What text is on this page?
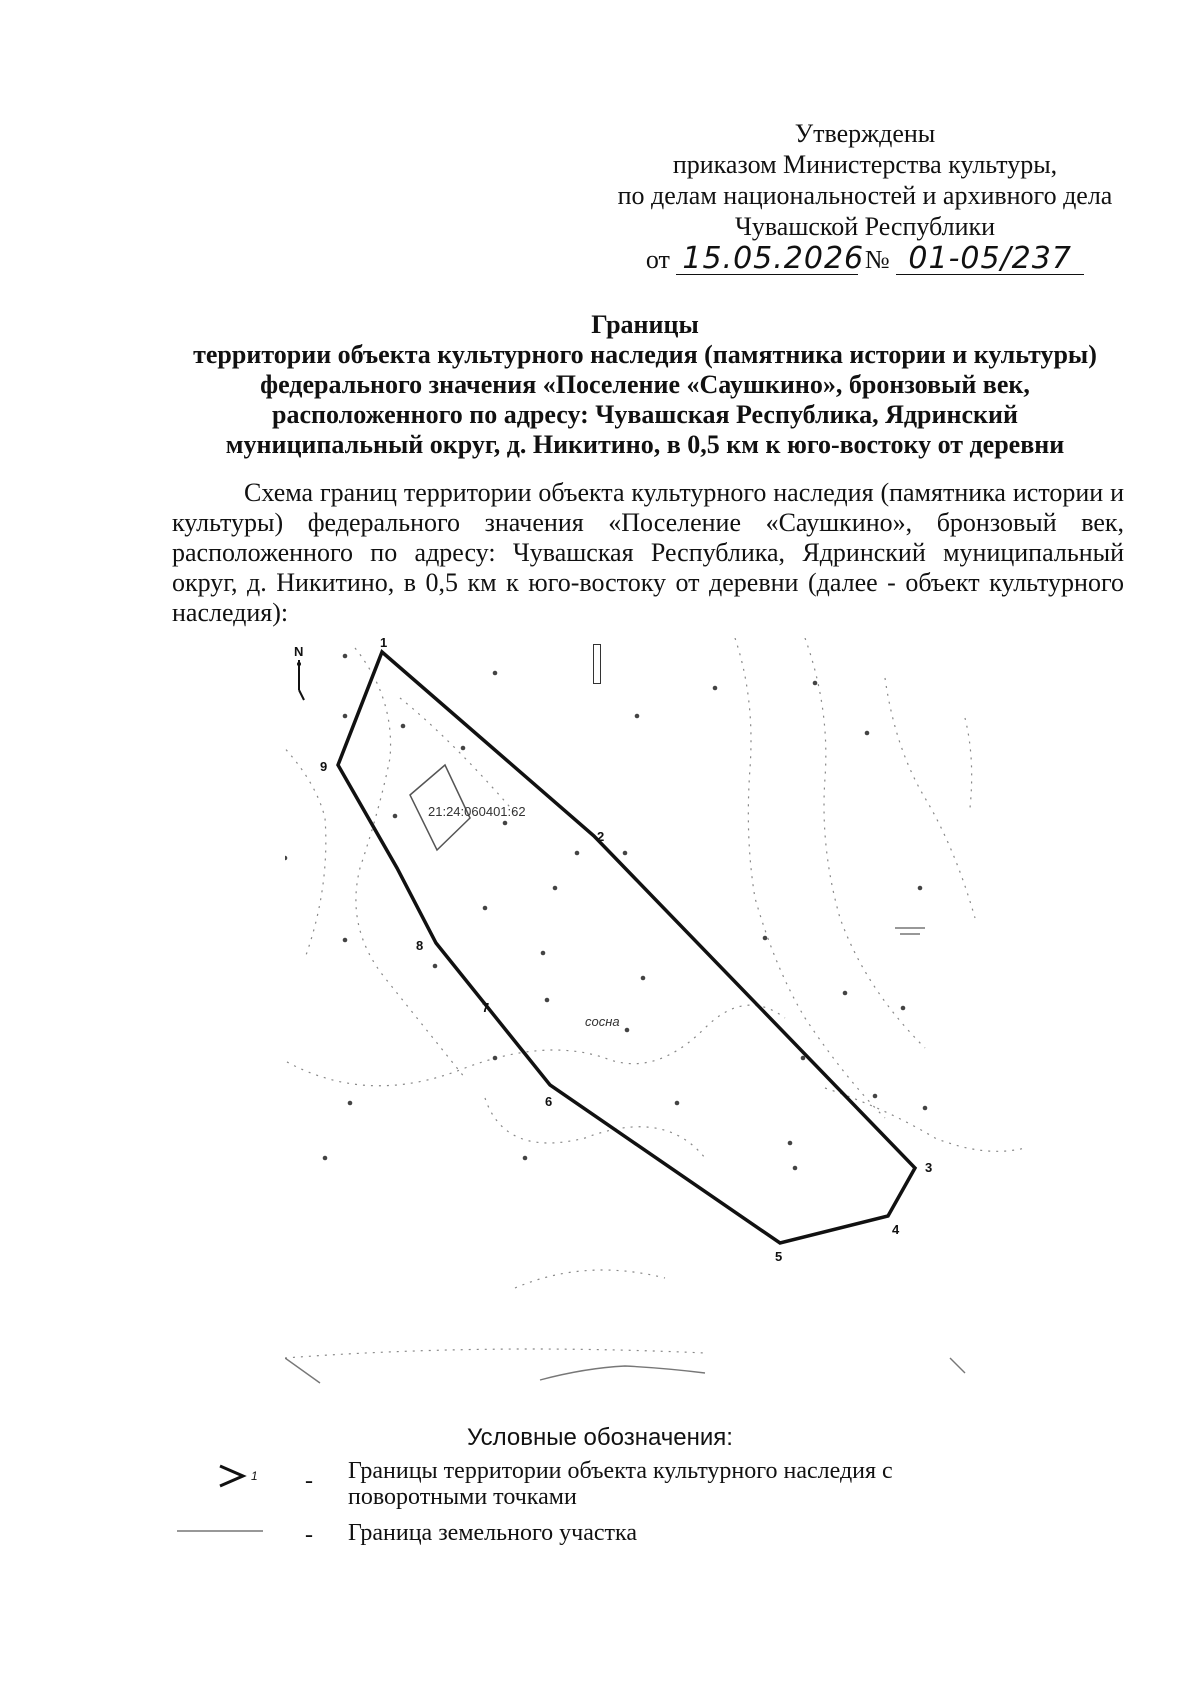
Утверждены
приказом Министерства культуры,
по делам национальностей и архивного дела
Чувашской Республики
от 15.05.2026 № 01-05/237
Границы
территории объекта культурного наследия (памятника истории и культуры)
федерального значения «Поселение «Саушкино», бронзовый век,
расположенного по адресу: Чувашская Республика, Ядринский
муниципальный округ, д. Никитино, в 0,5 км к юго-востоку от деревни
Схема границ территории объекта культурного наследия (памятника истории и культуры) федерального значения «Поселение «Саушкино», бронзовый век, расположенного по адресу: Чувашская Республика, Ядринский муниципальный округ, д. Никитино, в 0,5 км к юго-востоку от деревни (далее - объект культурного наследия):
N
21:24:060401:62
сосна
1
2
3
4
5
6
7
8
9
Условные обозначения:
1 - Границы территории объекта культурного наследия с поворотными точками
- Граница земельного участка
